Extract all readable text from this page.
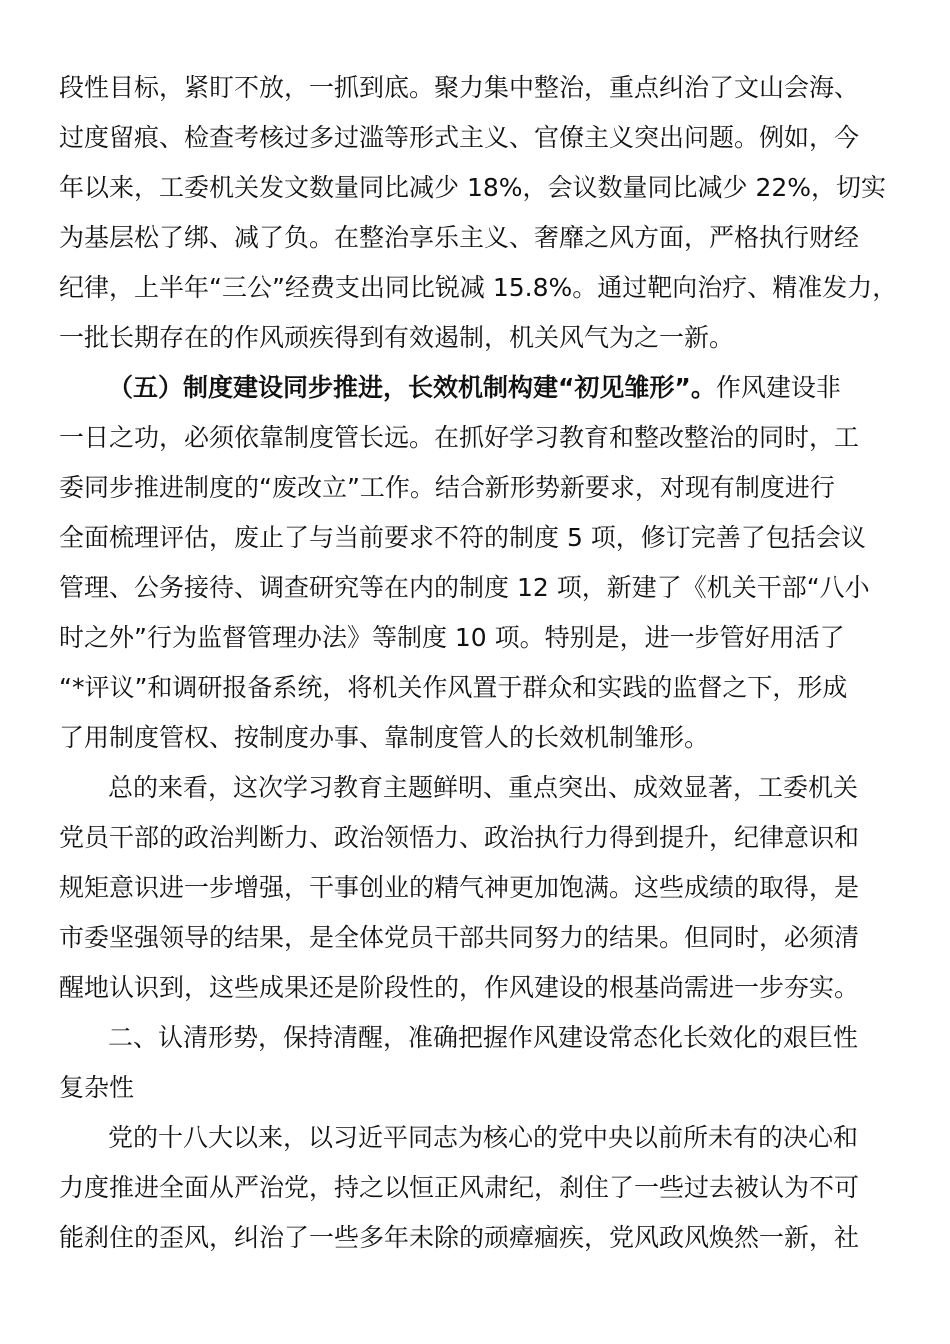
段性目标，紧盯不放，一抓到底。聚力集中整治，重点纠治了文山会海、
过度留痕、检查考核过多过滥等形式主义、官僚主义突出问题。例如，今
年以来，工委机关发文数量同比减少 18%，会议数量同比减少 22%，切实
为基层松了绑、减了负。在整治享乐主义、奢靡之风方面，严格执行财经
纪律，上半年“三公”经费支出同比锐减 15.8%。通过靶向治疗、精准发力，
一批长期存在的作风顽疾得到有效遏制，机关风气为之一新。
（五）制度建设同步推进，长效机制构建“初见雏形”。作风建设非
一日之功，必须依靠制度管长远。在抓好学习教育和整改整治的同时，工
委同步推进制度的“废改立”工作。结合新形势新要求，对现有制度进行
全面梳理评估，废止了与当前要求不符的制度 5 项，修订完善了包括会议
管理、公务接待、调查研究等在内的制度 12 项，新建了《机关干部“八小
时之外”行为监督管理办法》等制度 10 项。特别是，进一步管好用活了
“*评议”和调研报备系统，将机关作风置于群众和实践的监督之下，形成
了用制度管权、按制度办事、靠制度管人的长效机制雏形。
总的来看，这次学习教育主题鲜明、重点突出、成效显著，工委机关
党员干部的政治判断力、政治领悟力、政治执行力得到提升，纪律意识和
规矩意识进一步增强，干事创业的精气神更加饱满。这些成绩的取得，是
市委坚强领导的结果，是全体党员干部共同努力的结果。但同时，必须清
醒地认识到，这些成果还是阶段性的，作风建设的根基尚需进一步夯实。
二、认清形势，保持清醒，准确把握作风建设常态化长效化的艰巨性
复杂性
党的十八大以来，以习近平同志为核心的党中央以前所未有的决心和
力度推进全面从严治党，持之以恒正风肃纪，刹住了一些过去被认为不可
能刹住的歪风，纠治了一些多年未除的顽瘴痼疾，党风政风焕然一新，社
